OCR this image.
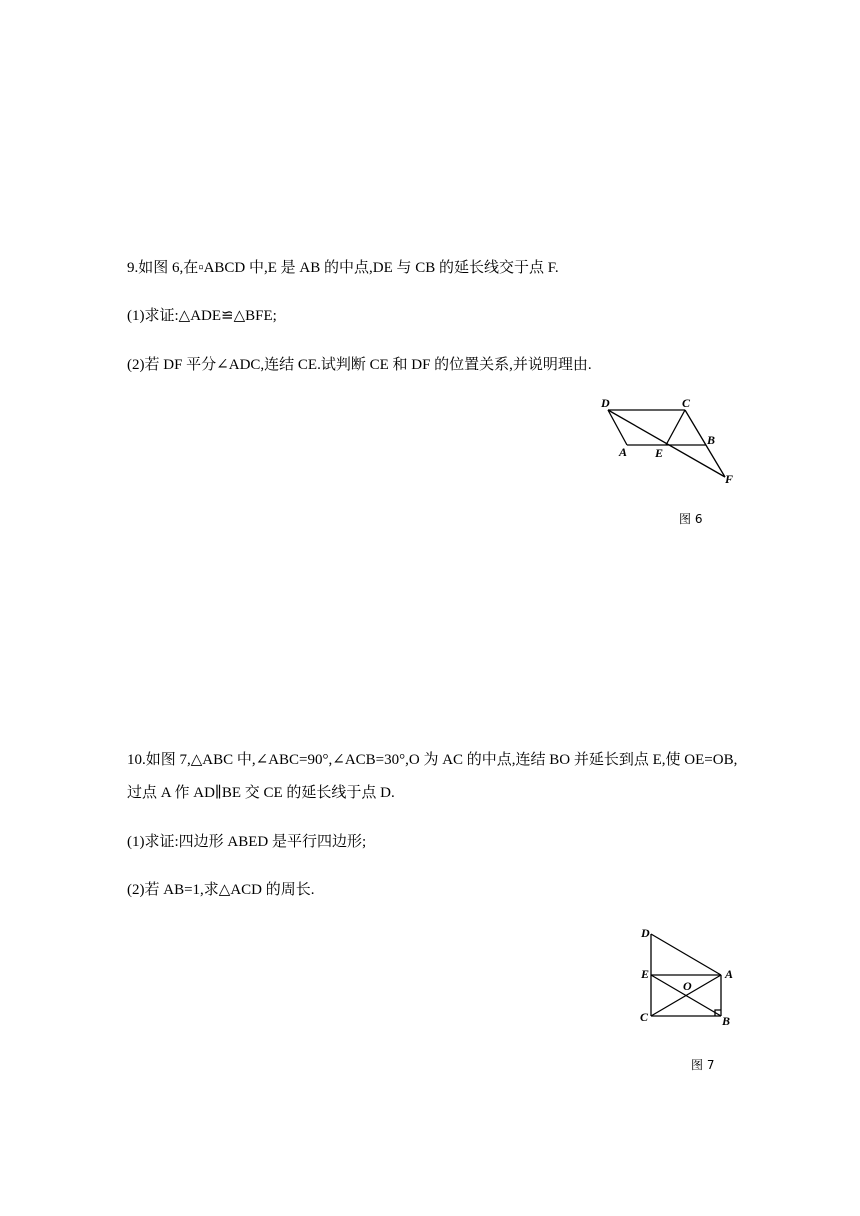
9.如图 6,在▫ABCD 中,E 是 AB 的中点,DE 与 CB 的延长线交于点 F.
(1)求证:△ADE≌△BFE;
(2)若 DF 平分∠ADC,连结 CE.试判断 CE 和 DF 的位置关系,并说明理由.
D	C
B
A E
F
图 6
10.如图 7,△ABC 中,∠ABC=90°,∠ACB=30°,O 为 AC 的中点,连结 BO 并延长到点 E,使 OE=OB,
过点 A 作 AD∥BE 交 CE 的延长线于点 D.
(1)求证:四边形 ABED 是平行四边形;
(2)若 AB=1,求△ACD 的周长.
D
E
O
A
C	B
图 7
